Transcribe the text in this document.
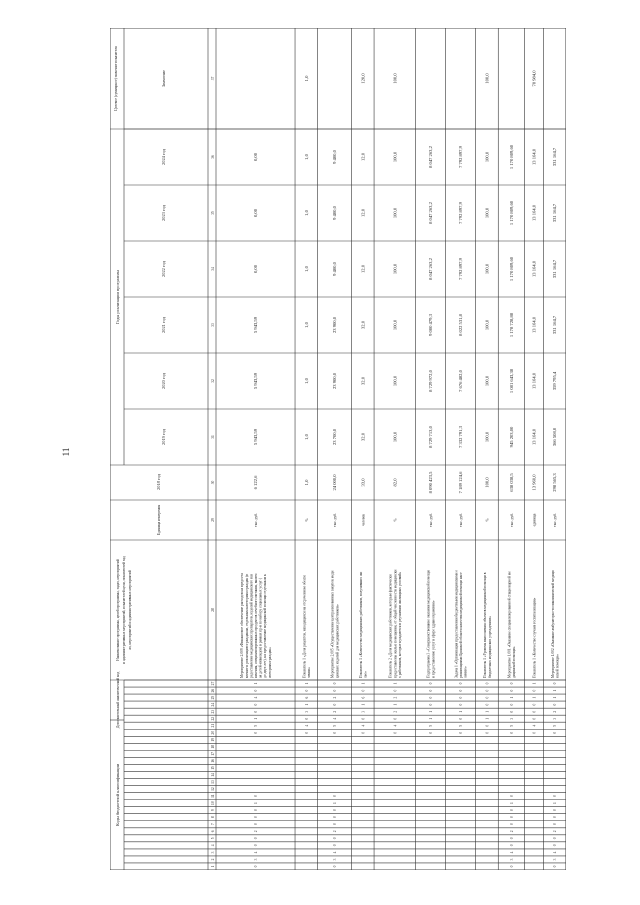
11
Коды бюджетной классификации
Дополнительный аналитический код
Наименование программы, целей программы, задач, мероприятий и административных мероприятий, показателей цели, показателей зад ач, мероприятий и административных мероприятий
Единица измерения
2018 год
Годы реализации программы
2019 год
2020 год
2021 год
2022 год
2023 год
2024 год
Целевое (суммарное) значение показателя	Значение
1
2
3
4
5
6
7
8
9
10
11
12
13
14
15
16
17
18
19
20
21
22
23
24
25
26
27
28
29
30
31
32
33
34
35
36
37
0
3
4
0
0
2
0
0
0
1
0
0
5
1
0
0
4
0
1
Мероприятие 2.009 «Финансовое обеспечение расходов на предоста вление и реализацию гражданам, отдельным категориям граждан (п редоставление медицинских препаратов, изделий медицинского наз начения, специализированных продуктов лечебного питания, включ ая детей-инвалидов) в рамках пр-в по набору социальных услуг ( до двух лет), на предоставление медицинской помощи отдельным к атегориям граждан»
тыс. руб.
6 122,6
5 943,59
5 943,59
5 943,59
0,00
0,00
0,00
0
4
0
3
1
6
0
1
Показатель 1 «Доля рецептов, находящихся на отсроченном обеспе чении»
%
1,0
1,0
1,0
1,0
1,0
1,0
1,0
1,0
0
3
4
0
0
2
0
0
0
1
0
0
5
4
2
0
2
0
0
Мероприятие 2.005 «Осуществление централизованных закупок меди цинских изделий для медицинских работников»
тыс. руб.
24 000,0
23 700,0
23 900,0
23 900,0
9 400,0
9 400,0
9 400,0
0
4
0
3
1
6
0
1
Показатель 1 «Количество медицинских работников, получивших жи лье»
человек
33,0
32,0
32,0
32,0
12,0
12,0
12,0
120,0
0
4
0
2
1
2
0
1
Показатель 2 «Доля медицинских работников, которым фактически предоставлены жилые помещения, от общей численности медицински х работников, которые нуждаются в улучшении жилищных условий»
%
82,0
100,0
100,0
100,0
100,0
100,0
100,0
100,0
0
5
1
1
0
0
0
0
Подпрограмма 3 «Совершенствование оказания медицинской помощи и предоставление услуг в сфере здравоохранения»
тыс. руб.
8 090 423,5
8 729 713,0
8 729 972,0
9 000 479,3
8 047 263,2
8 047 263,2
8 047 263,2
0
5
0
1
0
0
0
0
Задача 1 «Организация предоставления бюджетными медицинскими о рганизациями Брянской области качества медицинской помощи насе лению»
тыс. руб.
7 189 124,6
7 332 791,3
7 676 482,0
8 022 531,8
7 792 897,9
7 792 897,9
7 792 897,9
0
0
1
1
0
0
0
0
Показатель 1 «Уровень выполнения объемов медицинской помощи в бюджетных медицинских учреждениях»
%
100,0
100,0
100,0
100,0
100,0
100,0
100,0
100,0
0
3
4
0
0
2
0
0
0
1
0
0
5
3
0
0
1
0
0
Мероприятие 1.001 «Оказание специализированной стационарной ме дицинской помощи»
тыс. руб.
638 038,5
945 203,00
1 081 643,38
1 178 728,88
1 170 809,60
1 170 809,60
1 170 809,60
0
4
0
0
0
1
0
1
Показатель 1 «Количество случаев госпитализации»
единица
13 960,0
13 164,0
13 164,0
13 164,0
13 164,0
13 164,0
13 164,0
78 984,0
0
3
4
0
0
2
0
0
0
1
0
0
5
3
2
0
1
1
0
Мероприятие 1.002 «Оказание амбулаторно-поликлинической медици нской помощи»
тыс. руб.
298 565,3
366 508,0
359 795,4
331 164,7
331 164,7
331 164,7
331 164,7
